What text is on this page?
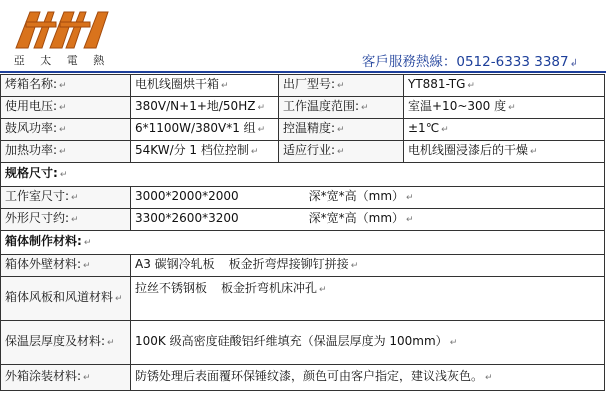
亞 太 電 熱	客戶服務熱線：0512-6333 3387↲
烤箱名称: ↵	电机线圈烘干箱 ↵	出厂型号: ↵	YT881-TG ↵
使用电压: ↵	380V/N+1+地/50HZ ↵	工作温度范围: ↵	室温+10~300 度 ↵
鼓风功率: ↵	6*1100W/380V*1 组 ↵	控温精度: ↵	±1℃ ↵
加热功率: ↵	54KW/分 1 档位控制 ↵	适应行业: ↵	电机线圈浸漆后的干燥 ↵
规格尺寸: ↵			
工作室尺寸: ↵	3000*2000*2000 深*宽*高（mm） ↵		
外形尺寸约: ↵	3300*2600*3200 深*宽*高（mm） ↵		
箱体制作材料: ↵			
箱体外壁材料: ↵	A3 碳钢冷轧板 板金折弯焊接铆钉拼接 ↵		
箱体风板和风道材料 ↵	拉丝不锈钢板 板金折弯机床冲孔 ↵		
保温层厚度及材料: ↵	100K 级高密度硅酸铝纤维填充（保温层厚度为 100mm） ↵		
外箱涂装材料: ↵	防锈处理后表面覆环保锤纹漆，颜色可由客户指定，建议浅灰色。 ↵		
